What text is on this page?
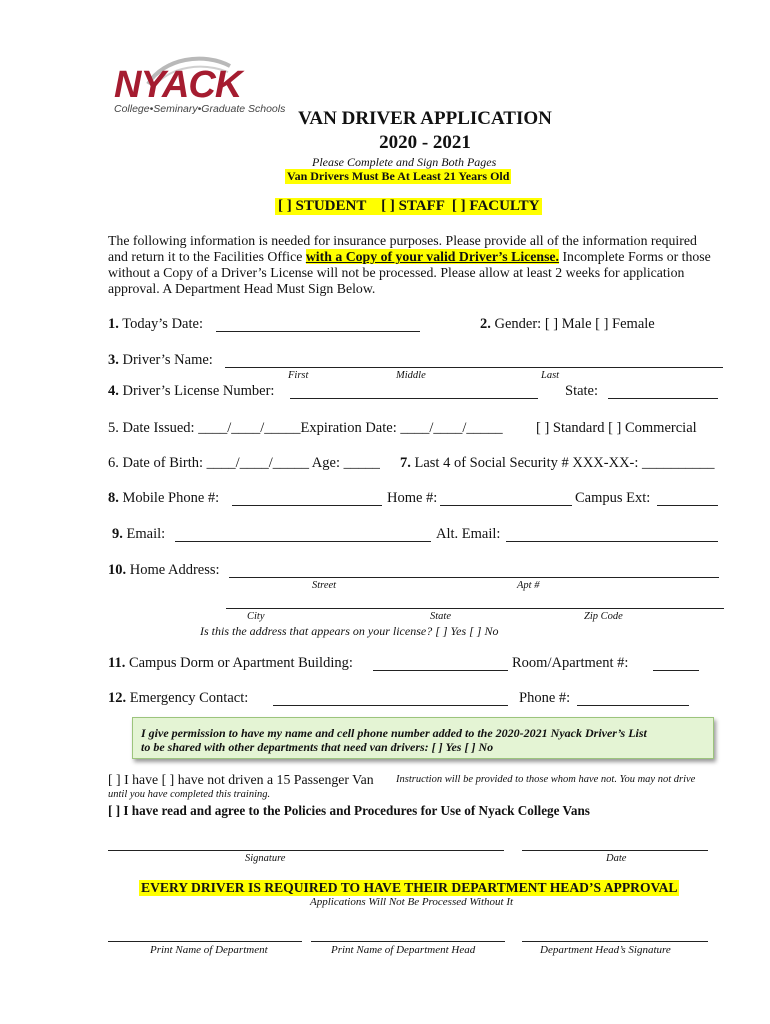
NYACK
College•Seminary•Graduate Schools VAN DRIVER APPLICATION
2020 - 2021
Please Complete and Sign Both Pages
Van Drivers Must Be At Least 21 Years Old
[ ] STUDENT    [ ] STAFF  [ ] FACULTY
The following information is needed for insurance purposes. Please provide all of the information required and return it to the Facilities Office with a Copy of your valid Driver’s License. Incomplete Forms or those without a Copy of a Driver’s License will not be processed. Please allow at least 2 weeks for application approval. A Department Head Must Sign Below.
1. Today’s Date:	2. Gender: [ ] Male [ ] Female
3. Driver’s Name:
First	Middle	Last
4. Driver’s License Number:	State:
5. Date Issued: ____/____/_____Expiration Date: ____/____/_____ [ ] Standard [ ] Commercial
6. Date of Birth: ____/____/_____ Age: _____ 7. Last 4 of Social Security # XXX-XX-: __________
8. Mobile Phone #:	Home #:	Campus Ext:
9. Email:	Alt. Email:
10. Home Address:
Street	Apt #
City	State	Zip Code
Is this the address that appears on your license? [ ] Yes [ ] No
11. Campus Dorm or Apartment Building:	Room/Apartment #:
12. Emergency Contact:	Phone #:
I give permission to have my name and cell phone number added to the 2020-2021 Nyack Driver’s List
to be shared with other departments that need van drivers: [ ] Yes [ ] No
[ ] I have [ ] have not driven a 15 Passenger Van Instruction will be provided to those whom have not. You may not drive
until you have completed this training.
[ ] I have read and agree to the Policies and Procedures for Use of Nyack College Vans
Signature	Date
EVERY DRIVER IS REQUIRED TO HAVE THEIR DEPARTMENT HEAD’S APPROVAL
Applications Will Not Be Processed Without It
Print Name of Department	Print Name of Department Head	Department Head’s Signature
